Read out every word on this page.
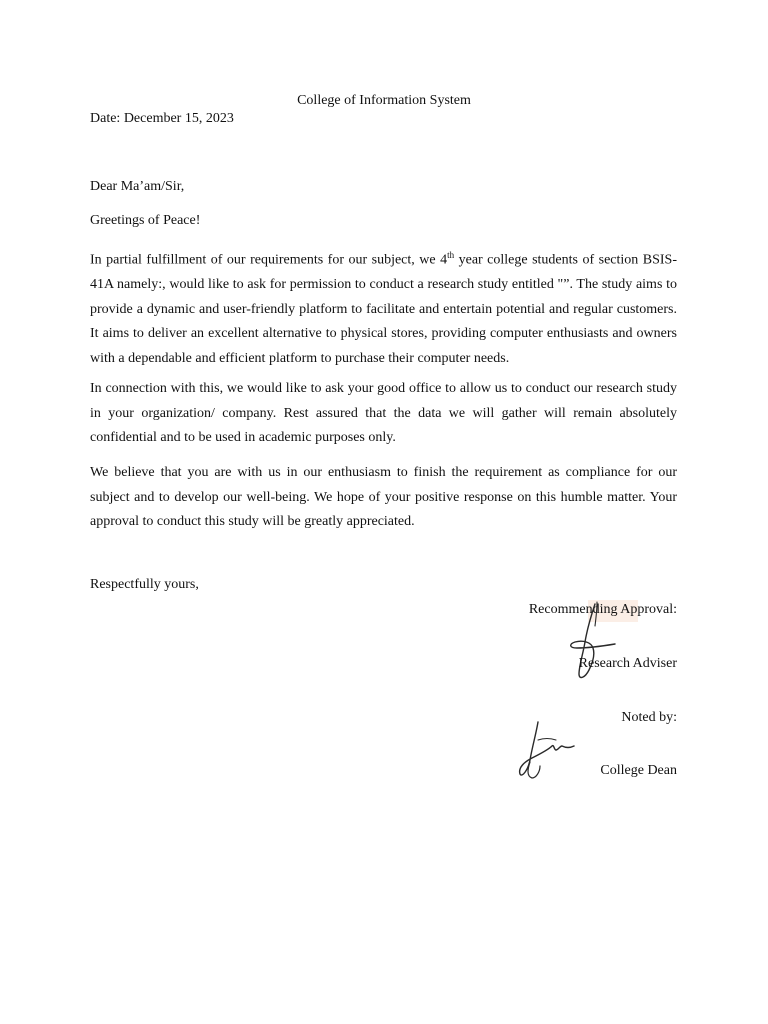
College of Information System
Date: December 15, 2023
Dear Ma’am/Sir,
Greetings of Peace!

In partial fulfillment of our requirements for our subject, we 4th year college students of section BSIS-41A namely:, would like to ask for permission to conduct a research study entitled "”. The study aims to provide a dynamic and user-friendly platform to facilitate and entertain potential and regular customers. It aims to deliver an excellent alternative to physical stores, providing computer enthusiasts and owners with a dependable and efficient platform to purchase their computer needs.

In connection with this, we would like to ask your good office to allow us to conduct our research study in your organization/ company. Rest assured that the data we will gather will remain absolutely confidential and to be used in academic purposes only.

We believe that you are with us in our enthusiasm to finish the requirement as compliance for our subject and to develop our well-being. We hope of your positive response on this humble matter. Your approval to conduct this study will be greatly appreciated.

Respectfully yours,
Recommending Approval:
Research Adviser
Noted by:
College Dean
